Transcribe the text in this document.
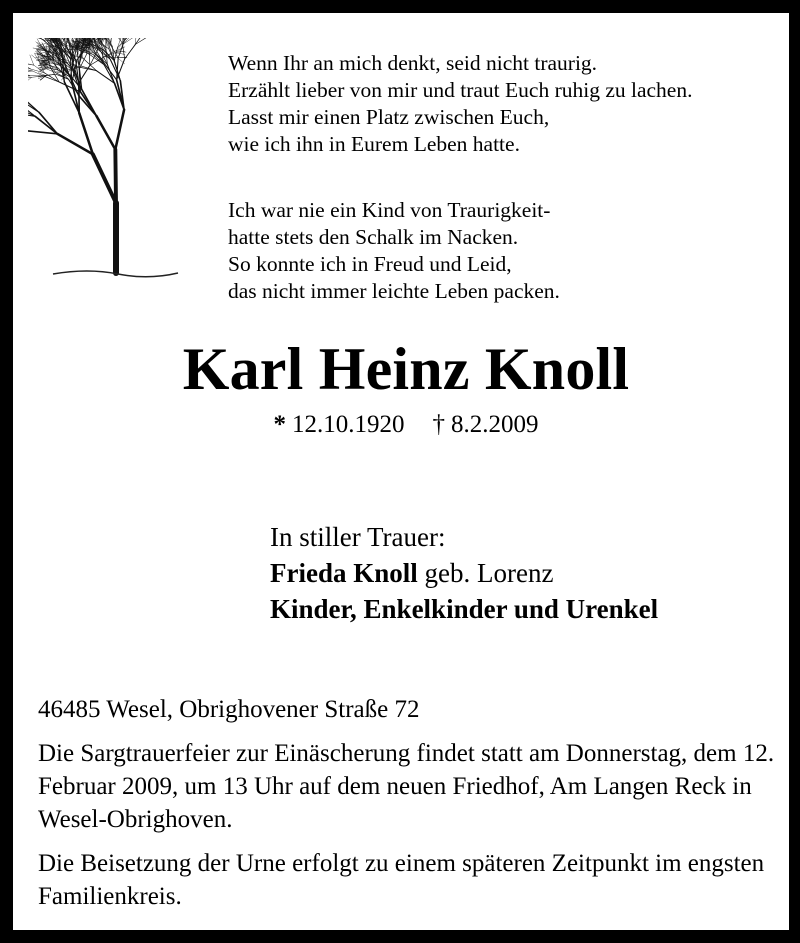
Wenn Ihr an mich denkt, seid nicht traurig.
Erzählt lieber von mir und traut Euch ruhig zu lachen.
Lasst mir einen Platz zwischen Euch,
wie ich ihn in Eurem Leben hatte.

Ich war nie ein Kind von Traurigkeit-
hatte stets den Schalk im Nacken.
So konnte ich in Freud und Leid,
das nicht immer leichte Leben packen.

Karl Heinz Knoll
* 12.10.1920 † 8.2.2009
In stiller Trauer:
Frieda Knoll geb. Lorenz
Kinder, Enkelkinder und Urenkel
46485 Wesel, Obrighovener Straße 72

Die Sargtrauerfeier zur Einäscherung findet statt am Donnerstag, dem 12. Februar 2009, um 13 Uhr auf dem neuen Friedhof, Am Langen Reck in Wesel-Obrighoven.

Die Beisetzung der Urne erfolgt zu einem späteren Zeitpunkt im engsten Familienkreis.
